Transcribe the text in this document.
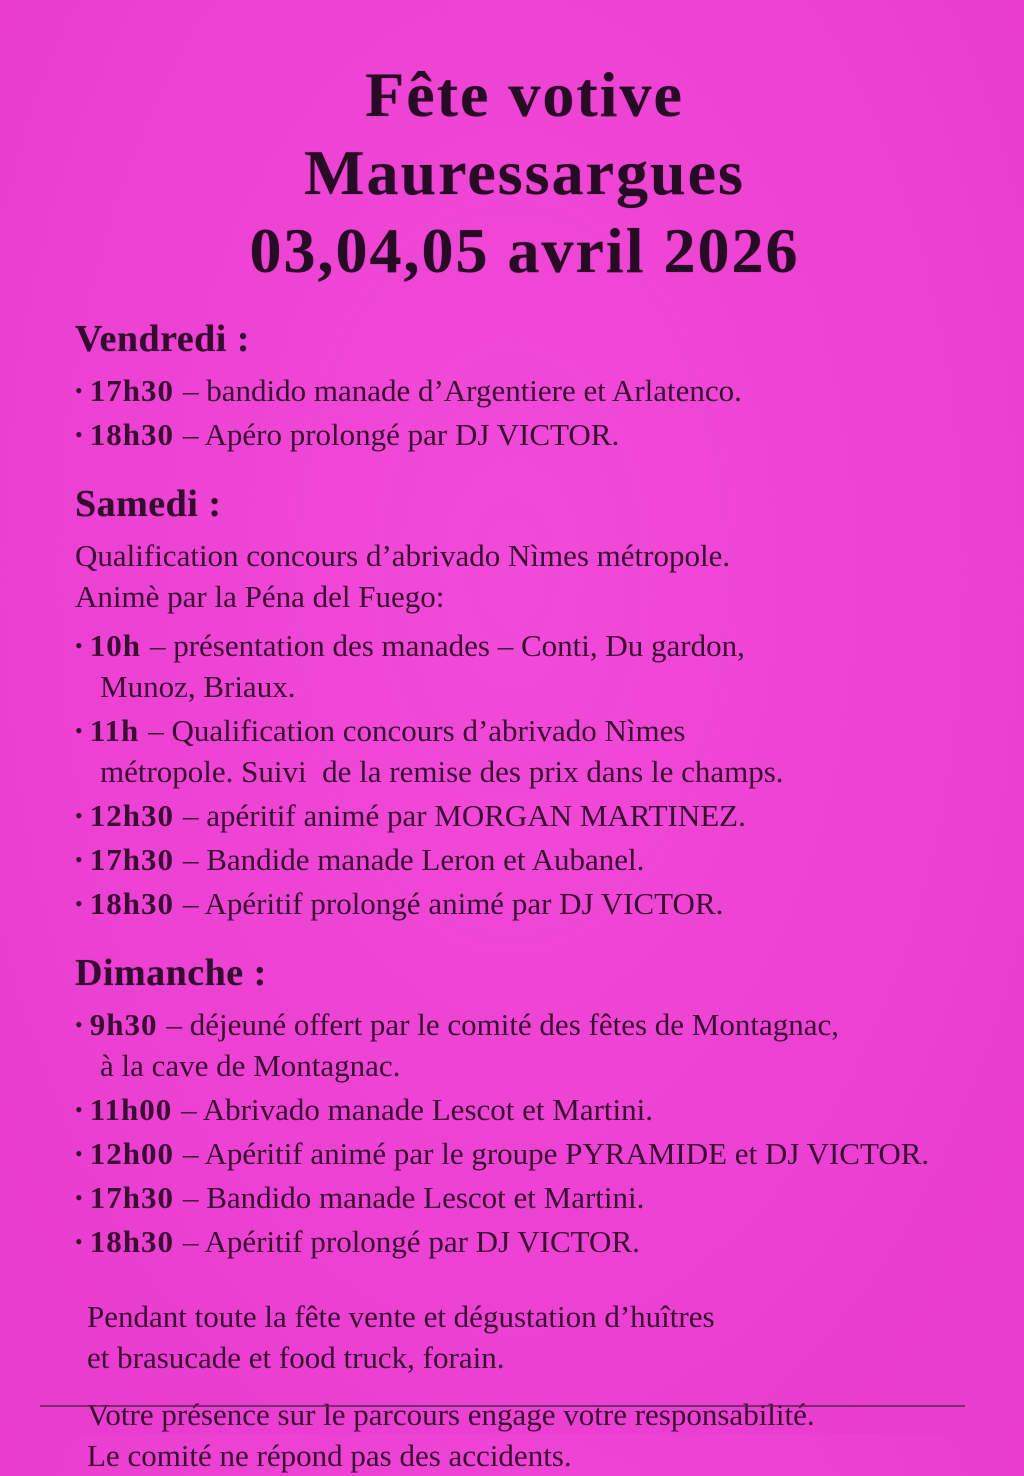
Fête votive
Mauressargues
03,04,05 avril 2026
Vendredi :
• 17h30 – bandido manade d’Argentiere et Arlatenco.
• 18h30 – Apéro prolongé par DJ VICTOR.
Samedi :
Qualification concours d’abrivado Nìmes métropole.
Animè par la Péna del Fuego:
• 10h – présentation des manades – Conti, Du gardon,
Munoz, Briaux.
• 11h – Qualification concours d’abrivado Nìmes
métropole. Suivi  de la remise des prix dans le champs.
• 12h30 – apéritif animé par MORGAN MARTINEZ.
• 17h30 – Bandide manade Leron et Aubanel.
• 18h30 – Apéritif prolongé animé par DJ VICTOR.
Dimanche :
• 9h30 – déjeuné offert par le comité des fêtes de Montagnac,
à la cave de Montagnac.
• 11h00 – Abrivado manade Lescot et Martini.
• 12h00 – Apéritif animé par le groupe PYRAMIDE et DJ VICTOR.
• 17h30 – Bandido manade Lescot et Martini.
• 18h30 – Apéritif prolongé par DJ VICTOR.
Pendant toute la fête vente et dégustation d’huîtres
et brasucade et food truck, forain.
Votre présence sur le parcours engage votre responsabilité.
Le comité ne répond pas des accidents.
